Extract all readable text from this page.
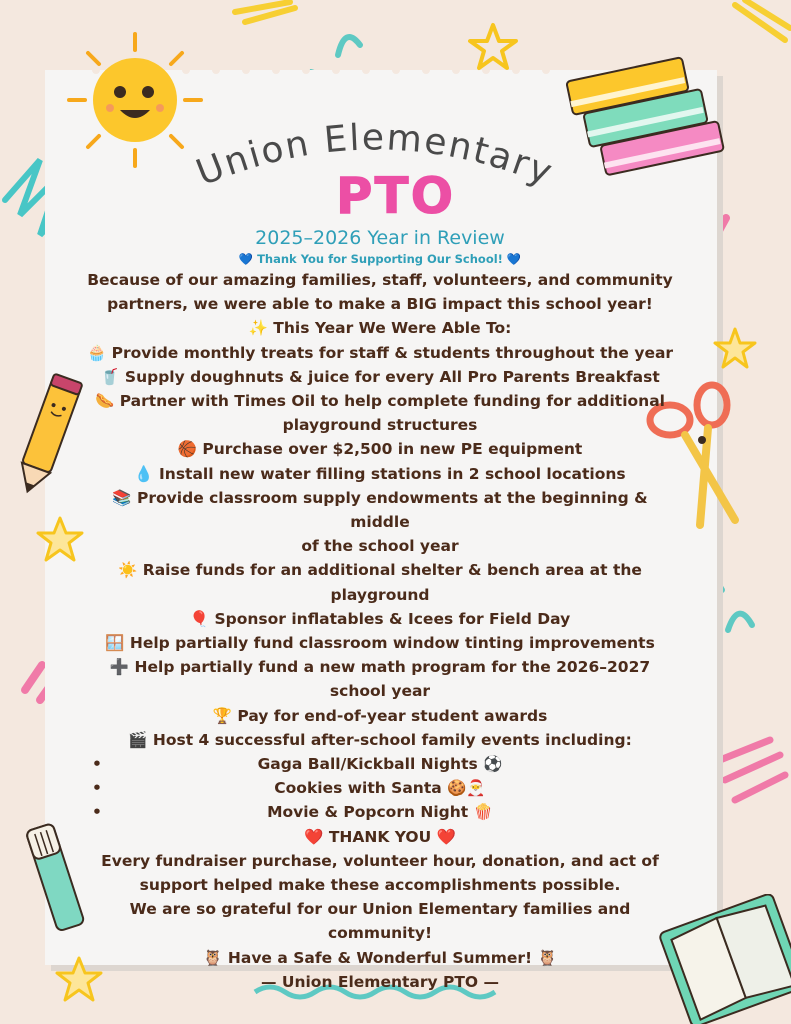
Union Elementary
PTO

2025–2026 Year in Review

💙 Thank You for Supporting Our School! 💙

Because of our amazing families, staff, volunteers, and community

partners, we were able to make a BIG impact this school year!

✨ This Year We Were Able To:

🧁 Provide monthly treats for staff & students throughout the year

🥤 Supply doughnuts & juice for every All Pro Parents Breakfast

🌭 Partner with Times Oil to help complete funding for additional

playground structures

🏀 Purchase over $2,500 in new PE equipment

💧 Install new water filling stations in 2 school locations

📚 Provide classroom supply endowments at the beginning & middle

of the school year

☀️ Raise funds for an additional shelter & bench area at the

playground

🎈 Sponsor inflatables & Icees for Field Day

🪟 Help partially fund classroom window tinting improvements

➕ Help partially fund a new math program for the 2026–2027

school year

🏆 Pay for end-of-year student awards

🎬 Host 4 successful after-school family events including:

•	Gaga Ball/Kickball Nights ⚽

•	Cookies with Santa 🍪🎅

•	Movie & Popcorn Night 🍿

❤️ THANK YOU ❤️

Every fundraiser purchase, volunteer hour, donation, and act of

support helped make these accomplishments possible.

We are so grateful for our Union Elementary families and

community!

🦉 Have a Safe & Wonderful Summer! 🦉

— Union Elementary PTO —
